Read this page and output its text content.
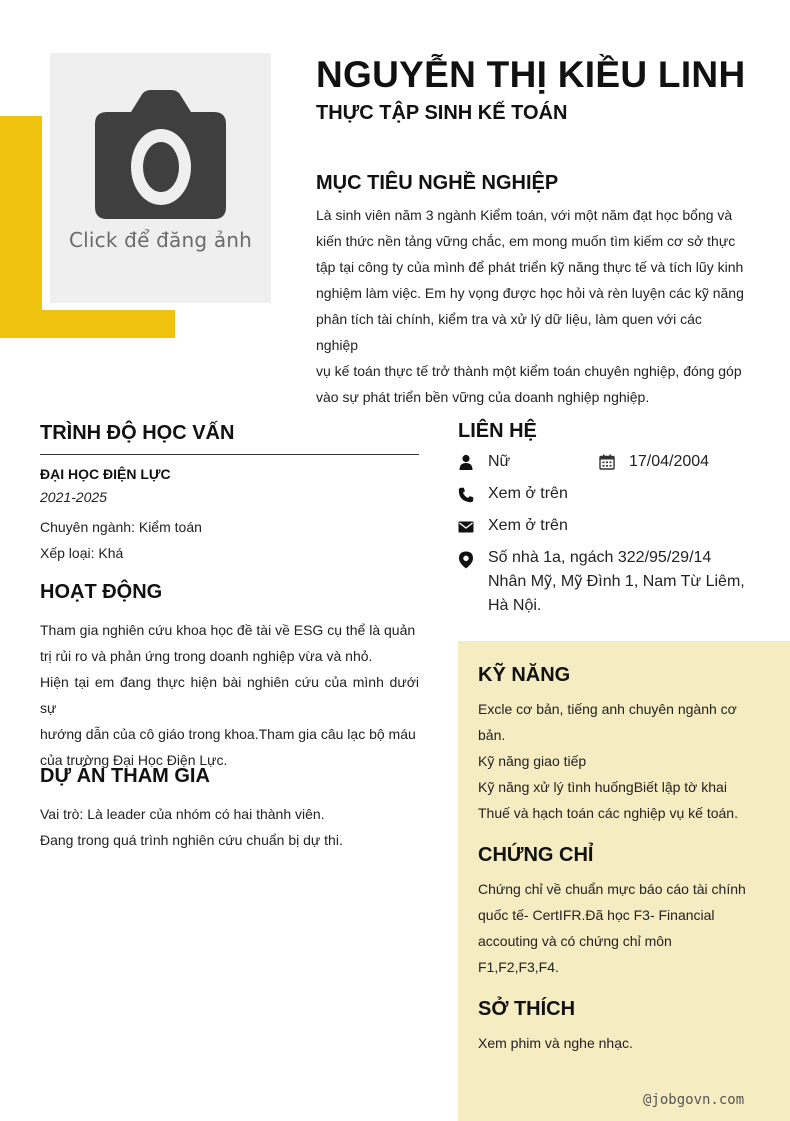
Click để đăng ảnh
NGUYỄN THỊ KIỀU LINH
THỰC TẬP SINH KẾ TOÁN
MỤC TIÊU NGHỀ NGHIỆP
Là sinh viên năm 3 ngành Kiểm toán, với một năm đạt học bổng và
kiến thức nền tảng vững chắc, em mong muốn tìm kiếm cơ sở thực
tập tại công ty của mình để phát triển kỹ năng thực tế và tích lũy kinh
nghiệm làm việc. Em hy vọng được học hỏi và rèn luyện các kỹ năng
phân tích tài chính, kiểm tra và xử lý dữ liệu, làm quen với các nghiệp
vụ kế toán thực tế trở thành một kiểm toán chuyên nghiệp, đóng góp
vào sự phát triển bền vững của doanh nghiệp nghiệp.
TRÌNH ĐỘ HỌC VẤN
ĐẠI HỌC ĐIỆN LỰC
2021-2025
Chuyên ngành: Kiểm toán
Xếp loại: Khá
HOẠT ĐỘNG
Tham gia nghiên cứu khoa học đề tài về ESG cụ thể là quản
trị rủi ro và phản ứng trong doanh nghiệp vừa và nhỏ.
Hiện tại em đang thực hiện bài nghiên cứu của mình dưới sự
hướng dẫn của cô giáo trong khoa.Tham gia câu lạc bộ máu
của trường Đại Học Điện Lực.
DỰ ÁN THAM GIA
Vai trò: Là leader của nhóm có hai thành viên.
Đang trong quá trình nghiên cứu chuẩn bị dự thi.
LIÊN HỆ
Nữ	17/04/2004
Xem ở trên
Xem ở trên
Số nhà 1a, ngách 322/95/29/14
Nhân Mỹ, Mỹ Đình 1, Nam Từ Liêm,
Hà Nội.
KỸ NĂNG
Excle cơ bản, tiếng anh chuyên ngành cơ
bản.
Kỹ năng giao tiếp
Kỹ năng xử lý tình huốngBiết lập tờ khai
Thuế và hạch toán các nghiệp vụ kế toán.
CHỨNG CHỈ
Chứng chỉ về chuẩn mực báo cáo tài chính
quốc tế- CertIFR.Đã học F3- Financial
accouting và có chứng chỉ môn
F1,F2,F3,F4.
SỞ THÍCH
Xem phim và nghe nhạc.
@jobgovn.com
